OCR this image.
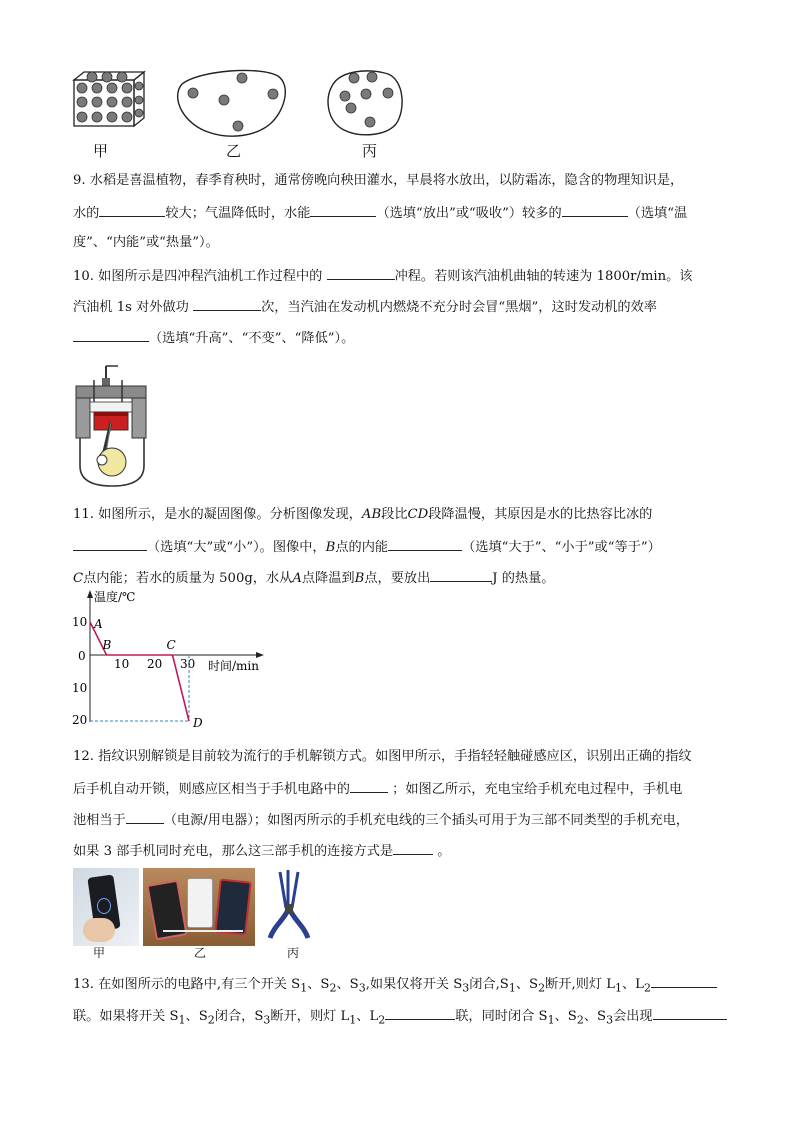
甲	乙	丙
9. 水稻是喜温植物，春季育秧时，通常傍晚向秧田灌水，早晨将水放出，以防霜冻，隐含的物理知识是，
水的	较大；气温降低时，水能	（选填“放出”或“吸收”）较多的	（选填“温
度”、“内能”或“热量”）。
10. 如图所示是四冲程汽油机工作过程中的	冲程。若则该汽油机曲轴的转速为 1800r/min。该
汽油机 1s 对外做功	次，当汽油在发动机内燃烧不充分时会冒“黑烟”，这时发动机的效率
（选填“升高”、“不变”、“降低”）。
11. 如图所示，是水的凝固图像。分析图像发现，AB段比CD段降温慢，其原因是水的比热容比冰的
（选填“大”或“小”）。图像中，B点的内能	（选填“大于”、“小于”或“等于”）
C点内能；若水的质量为 500g，水从A点降温到B点，要放出	J 的热量。
温度/℃
时间/min
0
10
10
20
10 20 30
A
B	C
D
12. 指纹识别解锁是目前较为流行的手机解锁方式。如图甲所示，手指轻轻触碰感应区，识别出正确的指纹
后手机自动开锁，则感应区相当于手机电路中的	；如图乙所示，充电宝给手机充电过程中，手机电
池相当于	（电源/用电器）；如图丙所示的手机充电线的三个插头可用于为三部不同类型的手机充电，
如果 3 部手机同时充电，那么这三部手机的连接方式是	。
甲	乙	丙
13. 在如图所示的电路中,有三个开关 $S_1$、$S_2$、$S_3$,如果仅将开关 $S_3$闭合$,S_1$、$S_2$断开,则灯 $L_1$、$L_2$
联。如果将开关 $S_1$、$S_2$闭合，$S_3$断开，则灯 $L_1$、$L_2$	联，同时闭合 $S_1$、$S_2$、$S_3$会出现
